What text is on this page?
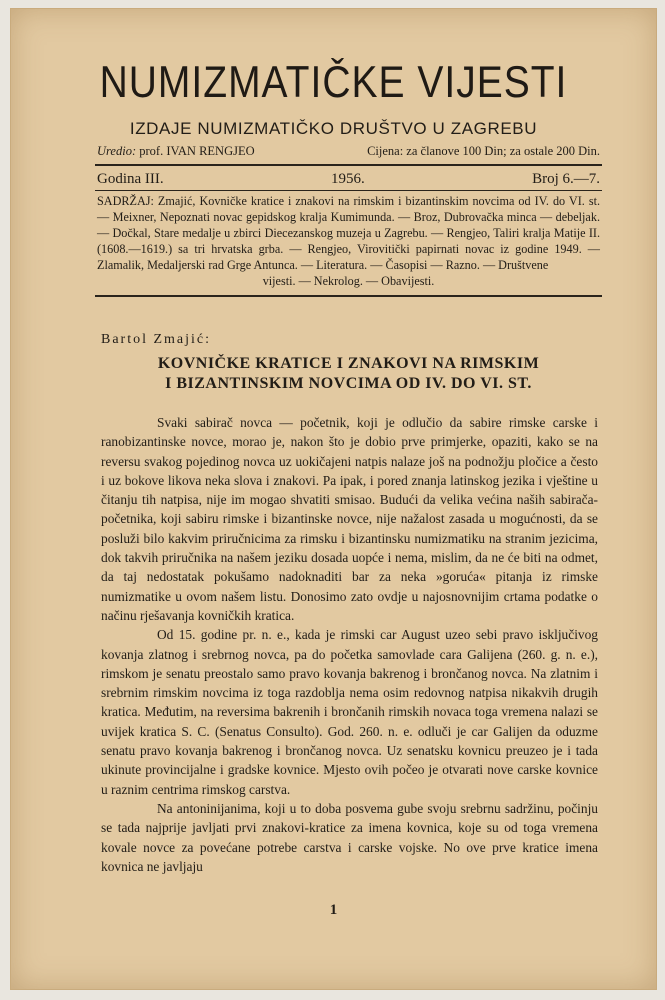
NUMIZMATIČKE VIJESTI
IZDAJE NUMIZMATIČKO DRUŠTVO U ZAGREBU
Uredio: prof. IVAN RENGJEO	Cijena: za članove 100 Din; za ostale 200 Din.
Godina III.	1956.	Broj 6.—7.
SADRŽAJ: Zmajić, Kovničke kratice i znakovi na rimskim i bizantinskim novcima od IV. do VI. st. — Meixner, Nepoznati novac gepidskog kralja Kumimunda. — Broz, Dubrovačka minca — debeljak. — Dočkal, Stare medalje u zbirci Diecezanskog muzeja u Zagrebu. — Rengjeo, Taliri kralja Matije II. (1608.—1619.) sa tri hrvatska grba. — Rengjeo, Virovitički papirnati novac iz godine 1949. — Zlamalik, Medaljerski rad Grge Antunca. — Literatura. — Časopisi — Razno. — Društvene
vijesti. — Nekrolog. — Obavijesti.
Bartol Zmajić:
KOVNIČKE KRATICE I ZNAKOVI NA RIMSKIM
I BIZANTINSKIM NOVCIMA OD IV. DO VI. ST.

Svaki sabirač novca — početnik, koji je odlučio da sabire rimske carske i ranobizantinske novce, morao je, nakon što je dobio prve primjerke, opaziti, kako se na reversu svakog pojedinog novca uz uokičajeni natpis nalaze još na podnožju pločice a često i uz bokove likova neka slova i znakovi. Pa ipak, i pored znanja latinskog jezika i vještine u čitanju tih natpisa, nije im mogao shvatiti smisao. Budući da velika većina naših sabirača-početnika, koji sabiru rimske i bizantinske novce, nije nažalost zasada u mogućnosti, da se posluži bilo kakvim priručnicima za rimsku i bizantinsku numizmatiku na stranim jezicima, dok takvih priručnika na našem jeziku dosada uopće i nema, mislim, da ne će biti na odmet, da taj nedostatak pokušamo nadoknaditi bar za neka »goruća« pitanja iz rimske numizmatike u ovom našem listu. Donosimo zato ovdje u najosnovnijim crtama podatke o načinu rješavanja kovničkih kratica.

Od 15. godine pr. n. e., kada je rimski car August uzeo sebi pravo isključivog kovanja zlatnog i srebrnog novca, pa do početka samovlade cara Galijena (260. g. n. e.), rimskom je senatu preostalo samo pravo kovanja bakrenog i brončanog novca. Na zlatnim i srebrnim rimskim novcima iz toga razdoblja nema osim redovnog natpisa nikakvih drugih kratica. Međutim, na reversima bakrenih i brončanih rimskih novaca toga vremena nalazi se uvijek kratica S. C. (Senatus Consulto). God. 260. n. e. odluči je car Galijen da oduzme senatu pravo kovanja bakrenog i brončanog novca. Uz senatsku kovnicu preuzeo je i tada ukinute provincijalne i gradske kovnice. Mjesto ovih počeo je otvarati nove carske kovnice u raznim centrima rimskog carstva.

Na antoninijanima, koji u to doba posvema gube svoju srebrnu sadržinu, počinju se tada najprije javljati prvi znakovi-kratice za imena kovnica, koje su od toga vremena kovale novce za povećane potrebe carstva i carske vojske. No ove prve kratice imena kovnica ne javljaju

1
